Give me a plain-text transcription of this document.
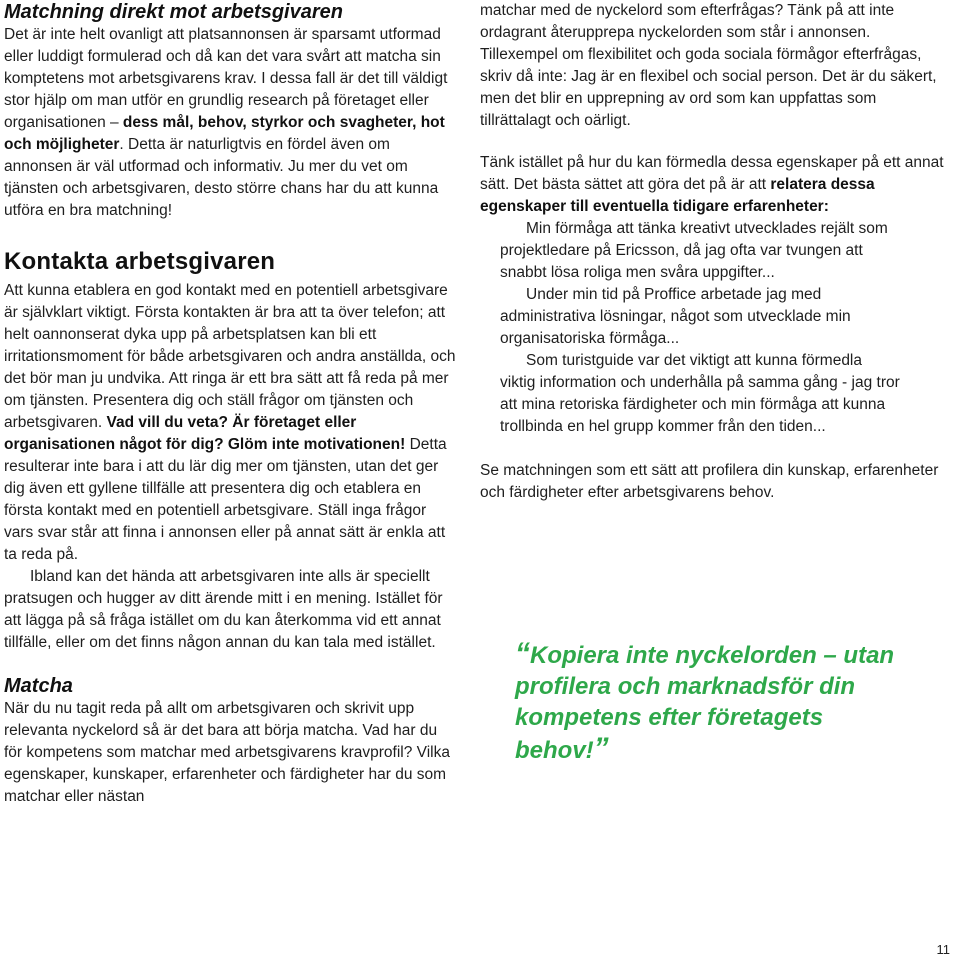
Matchning direkt mot arbetsgivaren

Det är inte helt ovanligt att platsannonsen är sparsamt utformad eller luddigt formulerad och då kan det vara svårt att matcha sin komptetens mot arbetsgivarens krav. I dessa fall är det till väldigt stor hjälp om man utför en grundlig research på företaget eller organisationen – dess mål, behov, styrkor och svagheter, hot och möjligheter. Detta är naturligtvis en fördel även om annonsen är väl utformad och informativ. Ju mer du vet om tjänsten och arbetsgivaren, desto större chans har du att kunna utföra en bra matchning!

Kontakta arbetsgivaren

Att kunna etablera en god kontakt med en potentiell arbetsgivare är självklart viktigt. Första kontakten är bra att ta över telefon; att helt oannonserat dyka upp på arbetsplatsen kan bli ett irritationsmoment för både arbetsgivaren och andra anställda, och det bör man ju undvika. Att ringa är ett bra sätt att få reda på mer om tjänsten. Presentera dig och ställ frågor om tjänsten och arbetsgivaren. Vad vill du veta? Är företaget eller organisationen något för dig? Glöm inte motivationen! Detta resulterar inte bara i att du lär dig mer om tjänsten, utan det ger dig även ett gyllene tillfälle att presentera dig och etablera en första kontakt med en potentiell arbetsgivare. Ställ inga frågor vars svar står att finna i annonsen eller på annat sätt är enkla att ta reda på.

Ibland kan det hända att arbetsgivaren inte alls är speciellt pratsugen och hugger av ditt ärende mitt i en mening. Istället för att lägga på så fråga istället om du kan återkomma vid ett annat tillfälle, eller om det finns någon annan du kan tala med istället.

Matcha

När du nu tagit reda på allt om arbetsgivaren och skrivit upp relevanta nyckelord så är det bara att börja matcha. Vad har du för kompetens som matchar med arbetsgivarens kravprofil? Vilka egenskaper, kunskaper, erfarenheter och färdigheter har du som matchar eller nästan

matchar med de nyckelord som efterfrågas? Tänk på att inte ordagrant återupprepa nyckelorden som står i annonsen. Tillexempel om flexibilitet och goda sociala förmågor efterfrågas, skriv då inte: Jag är en flexibel och social person. Det är du säkert, men det blir en upprepning av ord som kan uppfattas som tillrättalagt och oärligt.

Tänk istället på hur du kan förmedla dessa egenskaper på ett annat sätt. Det bästa sättet att göra det på är att relatera dessa egenskaper till eventuella tidigare erfarenheter:

Min förmåga att tänka kreativt utvecklades rejält som projektledare på Ericsson, då jag ofta var tvungen att snabbt lösa roliga men svåra uppgifter...

Under min tid på Proffice arbetade jag med administrativa lösningar, något som utvecklade min organisatoriska förmåga...

Som turistguide var det viktigt att kunna förmedla viktig information och underhålla på samma gång - jag tror att mina retoriska färdigheter och min förmåga att kunna trollbinda en hel grupp kommer från den tiden...

Se matchningen som ett sätt att profilera din kunskap, erfarenheter och färdigheter efter arbetsgivarens behov.

“Kopiera inte nyckelorden – utan profilera och marknadsför din kompetens efter företagets behov!”
11
